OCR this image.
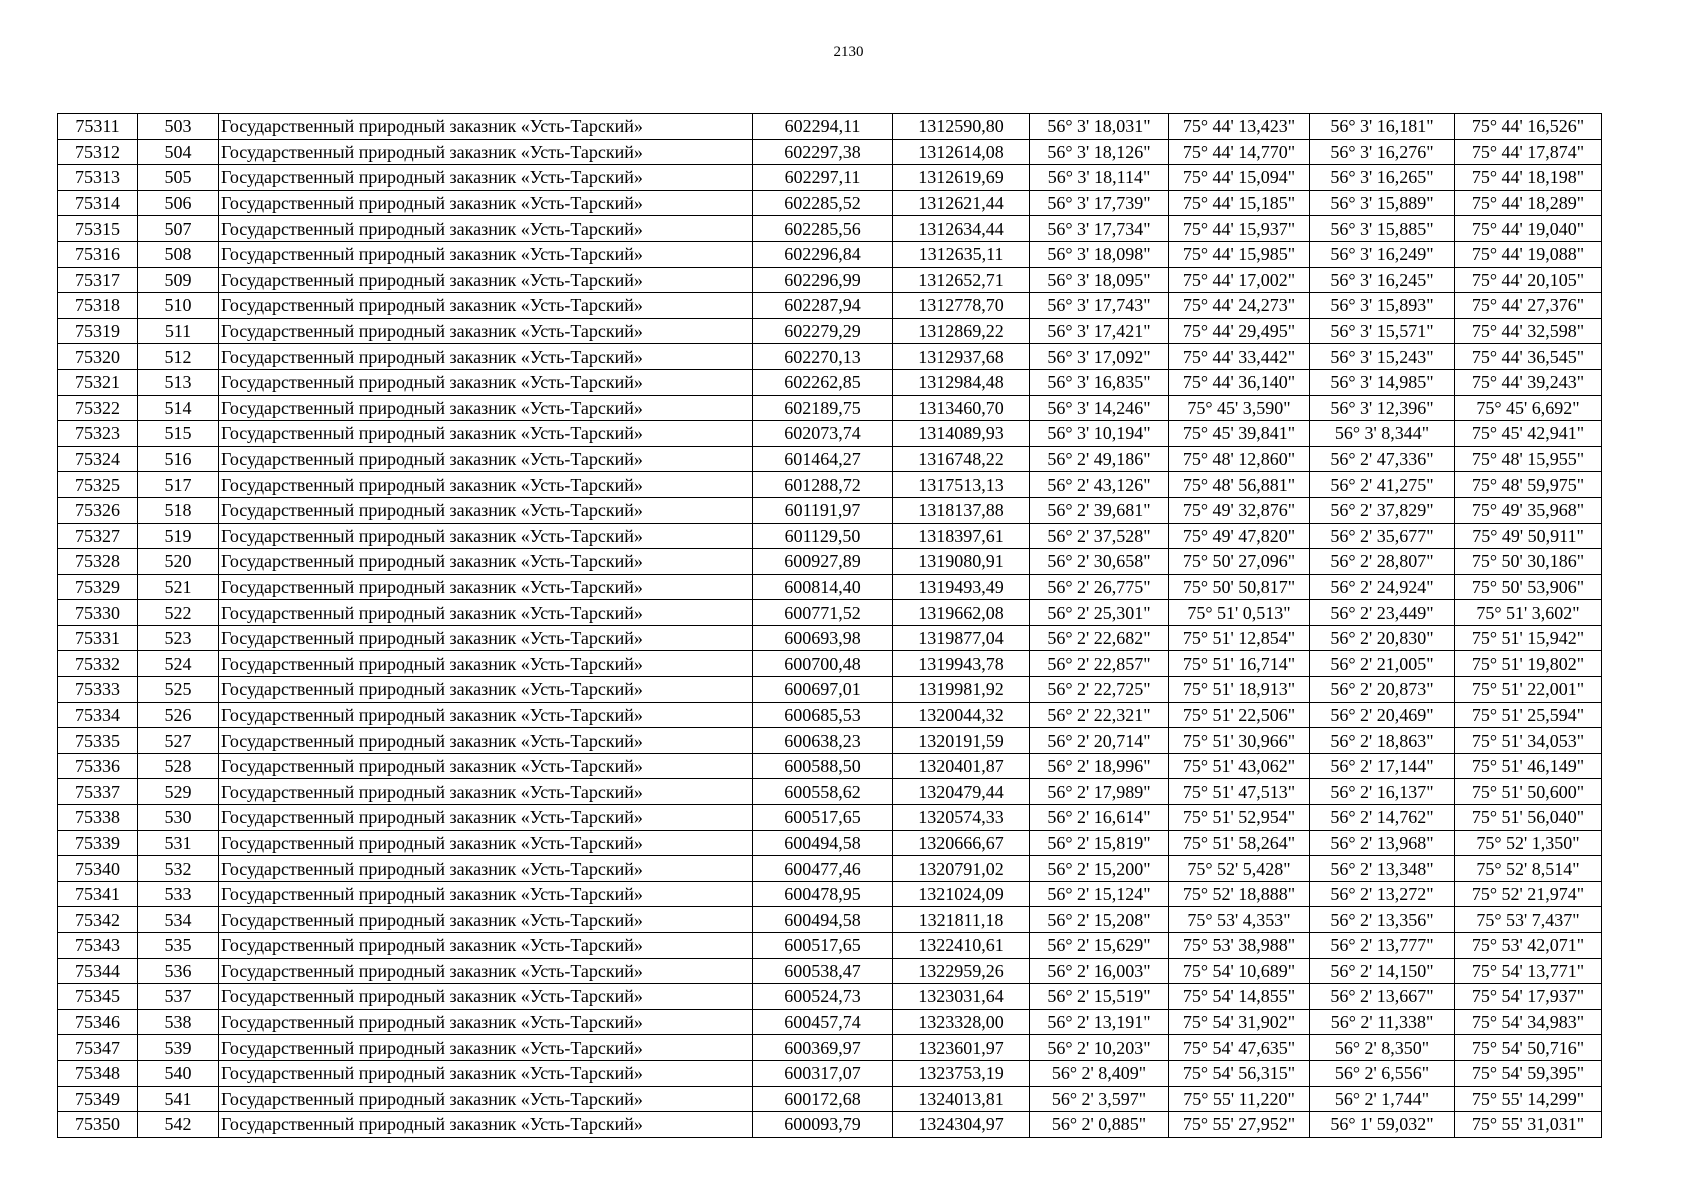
2130
75311	503	Государственный природный заказник «Усть-Тарский»	602294,11	1312590,80	56° 3' 18,031"	75° 44' 13,423"	56° 3' 16,181"	75° 44' 16,526"
75312	504	Государственный природный заказник «Усть-Тарский»	602297,38	1312614,08	56° 3' 18,126"	75° 44' 14,770"	56° 3' 16,276"	75° 44' 17,874"
75313	505	Государственный природный заказник «Усть-Тарский»	602297,11	1312619,69	56° 3' 18,114"	75° 44' 15,094"	56° 3' 16,265"	75° 44' 18,198"
75314	506	Государственный природный заказник «Усть-Тарский»	602285,52	1312621,44	56° 3' 17,739"	75° 44' 15,185"	56° 3' 15,889"	75° 44' 18,289"
75315	507	Государственный природный заказник «Усть-Тарский»	602285,56	1312634,44	56° 3' 17,734"	75° 44' 15,937"	56° 3' 15,885"	75° 44' 19,040"
75316	508	Государственный природный заказник «Усть-Тарский»	602296,84	1312635,11	56° 3' 18,098"	75° 44' 15,985"	56° 3' 16,249"	75° 44' 19,088"
75317	509	Государственный природный заказник «Усть-Тарский»	602296,99	1312652,71	56° 3' 18,095"	75° 44' 17,002"	56° 3' 16,245"	75° 44' 20,105"
75318	510	Государственный природный заказник «Усть-Тарский»	602287,94	1312778,70	56° 3' 17,743"	75° 44' 24,273"	56° 3' 15,893"	75° 44' 27,376"
75319	511	Государственный природный заказник «Усть-Тарский»	602279,29	1312869,22	56° 3' 17,421"	75° 44' 29,495"	56° 3' 15,571"	75° 44' 32,598"
75320	512	Государственный природный заказник «Усть-Тарский»	602270,13	1312937,68	56° 3' 17,092"	75° 44' 33,442"	56° 3' 15,243"	75° 44' 36,545"
75321	513	Государственный природный заказник «Усть-Тарский»	602262,85	1312984,48	56° 3' 16,835"	75° 44' 36,140"	56° 3' 14,985"	75° 44' 39,243"
75322	514	Государственный природный заказник «Усть-Тарский»	602189,75	1313460,70	56° 3' 14,246"	75° 45' 3,590"	56° 3' 12,396"	75° 45' 6,692"
75323	515	Государственный природный заказник «Усть-Тарский»	602073,74	1314089,93	56° 3' 10,194"	75° 45' 39,841"	56° 3' 8,344"	75° 45' 42,941"
75324	516	Государственный природный заказник «Усть-Тарский»	601464,27	1316748,22	56° 2' 49,186"	75° 48' 12,860"	56° 2' 47,336"	75° 48' 15,955"
75325	517	Государственный природный заказник «Усть-Тарский»	601288,72	1317513,13	56° 2' 43,126"	75° 48' 56,881"	56° 2' 41,275"	75° 48' 59,975"
75326	518	Государственный природный заказник «Усть-Тарский»	601191,97	1318137,88	56° 2' 39,681"	75° 49' 32,876"	56° 2' 37,829"	75° 49' 35,968"
75327	519	Государственный природный заказник «Усть-Тарский»	601129,50	1318397,61	56° 2' 37,528"	75° 49' 47,820"	56° 2' 35,677"	75° 49' 50,911"
75328	520	Государственный природный заказник «Усть-Тарский»	600927,89	1319080,91	56° 2' 30,658"	75° 50' 27,096"	56° 2' 28,807"	75° 50' 30,186"
75329	521	Государственный природный заказник «Усть-Тарский»	600814,40	1319493,49	56° 2' 26,775"	75° 50' 50,817"	56° 2' 24,924"	75° 50' 53,906"
75330	522	Государственный природный заказник «Усть-Тарский»	600771,52	1319662,08	56° 2' 25,301"	75° 51' 0,513"	56° 2' 23,449"	75° 51' 3,602"
75331	523	Государственный природный заказник «Усть-Тарский»	600693,98	1319877,04	56° 2' 22,682"	75° 51' 12,854"	56° 2' 20,830"	75° 51' 15,942"
75332	524	Государственный природный заказник «Усть-Тарский»	600700,48	1319943,78	56° 2' 22,857"	75° 51' 16,714"	56° 2' 21,005"	75° 51' 19,802"
75333	525	Государственный природный заказник «Усть-Тарский»	600697,01	1319981,92	56° 2' 22,725"	75° 51' 18,913"	56° 2' 20,873"	75° 51' 22,001"
75334	526	Государственный природный заказник «Усть-Тарский»	600685,53	1320044,32	56° 2' 22,321"	75° 51' 22,506"	56° 2' 20,469"	75° 51' 25,594"
75335	527	Государственный природный заказник «Усть-Тарский»	600638,23	1320191,59	56° 2' 20,714"	75° 51' 30,966"	56° 2' 18,863"	75° 51' 34,053"
75336	528	Государственный природный заказник «Усть-Тарский»	600588,50	1320401,87	56° 2' 18,996"	75° 51' 43,062"	56° 2' 17,144"	75° 51' 46,149"
75337	529	Государственный природный заказник «Усть-Тарский»	600558,62	1320479,44	56° 2' 17,989"	75° 51' 47,513"	56° 2' 16,137"	75° 51' 50,600"
75338	530	Государственный природный заказник «Усть-Тарский»	600517,65	1320574,33	56° 2' 16,614"	75° 51' 52,954"	56° 2' 14,762"	75° 51' 56,040"
75339	531	Государственный природный заказник «Усть-Тарский»	600494,58	1320666,67	56° 2' 15,819"	75° 51' 58,264"	56° 2' 13,968"	75° 52' 1,350"
75340	532	Государственный природный заказник «Усть-Тарский»	600477,46	1320791,02	56° 2' 15,200"	75° 52' 5,428"	56° 2' 13,348"	75° 52' 8,514"
75341	533	Государственный природный заказник «Усть-Тарский»	600478,95	1321024,09	56° 2' 15,124"	75° 52' 18,888"	56° 2' 13,272"	75° 52' 21,974"
75342	534	Государственный природный заказник «Усть-Тарский»	600494,58	1321811,18	56° 2' 15,208"	75° 53' 4,353"	56° 2' 13,356"	75° 53' 7,437"
75343	535	Государственный природный заказник «Усть-Тарский»	600517,65	1322410,61	56° 2' 15,629"	75° 53' 38,988"	56° 2' 13,777"	75° 53' 42,071"
75344	536	Государственный природный заказник «Усть-Тарский»	600538,47	1322959,26	56° 2' 16,003"	75° 54' 10,689"	56° 2' 14,150"	75° 54' 13,771"
75345	537	Государственный природный заказник «Усть-Тарский»	600524,73	1323031,64	56° 2' 15,519"	75° 54' 14,855"	56° 2' 13,667"	75° 54' 17,937"
75346	538	Государственный природный заказник «Усть-Тарский»	600457,74	1323328,00	56° 2' 13,191"	75° 54' 31,902"	56° 2' 11,338"	75° 54' 34,983"
75347	539	Государственный природный заказник «Усть-Тарский»	600369,97	1323601,97	56° 2' 10,203"	75° 54' 47,635"	56° 2' 8,350"	75° 54' 50,716"
75348	540	Государственный природный заказник «Усть-Тарский»	600317,07	1323753,19	56° 2' 8,409"	75° 54' 56,315"	56° 2' 6,556"	75° 54' 59,395"
75349	541	Государственный природный заказник «Усть-Тарский»	600172,68	1324013,81	56° 2' 3,597"	75° 55' 11,220"	56° 2' 1,744"	75° 55' 14,299"
75350	542	Государственный природный заказник «Усть-Тарский»	600093,79	1324304,97	56° 2' 0,885"	75° 55' 27,952"	56° 1' 59,032"	75° 55' 31,031"
